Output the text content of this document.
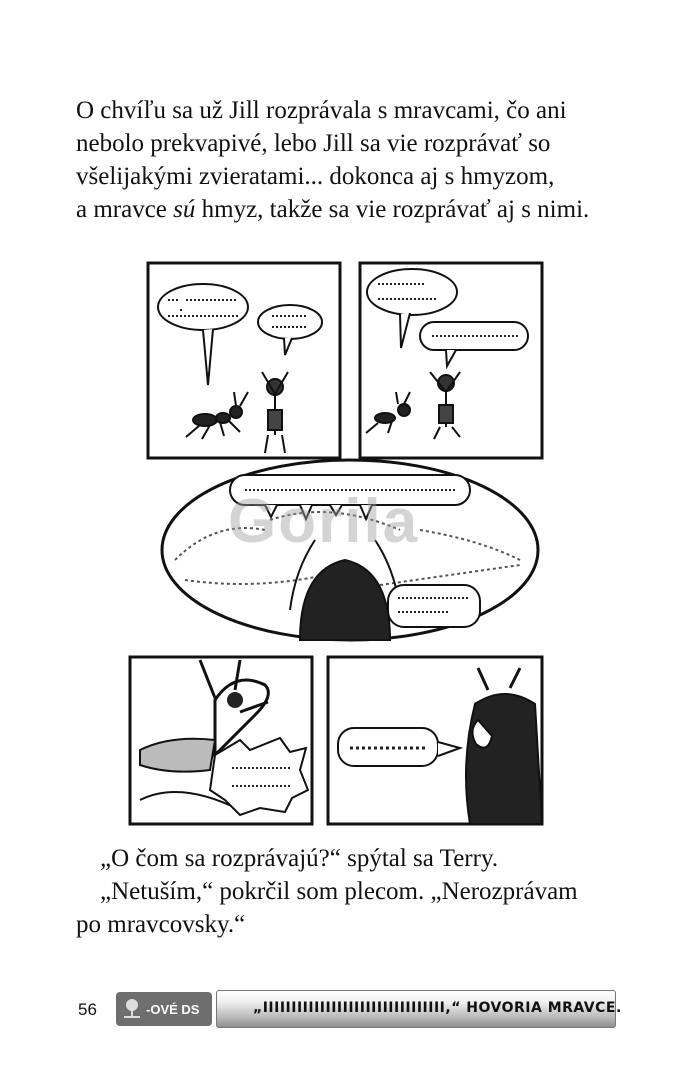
O chvíľu sa už Jill rozprávala s mravcami, čo ani

nebolo prekvapivé, lebo Jill sa vie rozprávať so

všelijakými zvieratami... dokonca aj s hmyzom,

a mravce sú hmyz, takže sa vie rozprávať aj s nimi.

Gorila

„O čom sa rozprávajú?“ spýtal sa Terry.

„Netuším,“ pokrčil som plecom. „Nerozprávam

po mravcovsky.“

56	-OVÉ DS	„IIIIIIIIIIIIIIIIIIIIIIIIIIIIIIII,“ HOVORIA MRAVCE.
